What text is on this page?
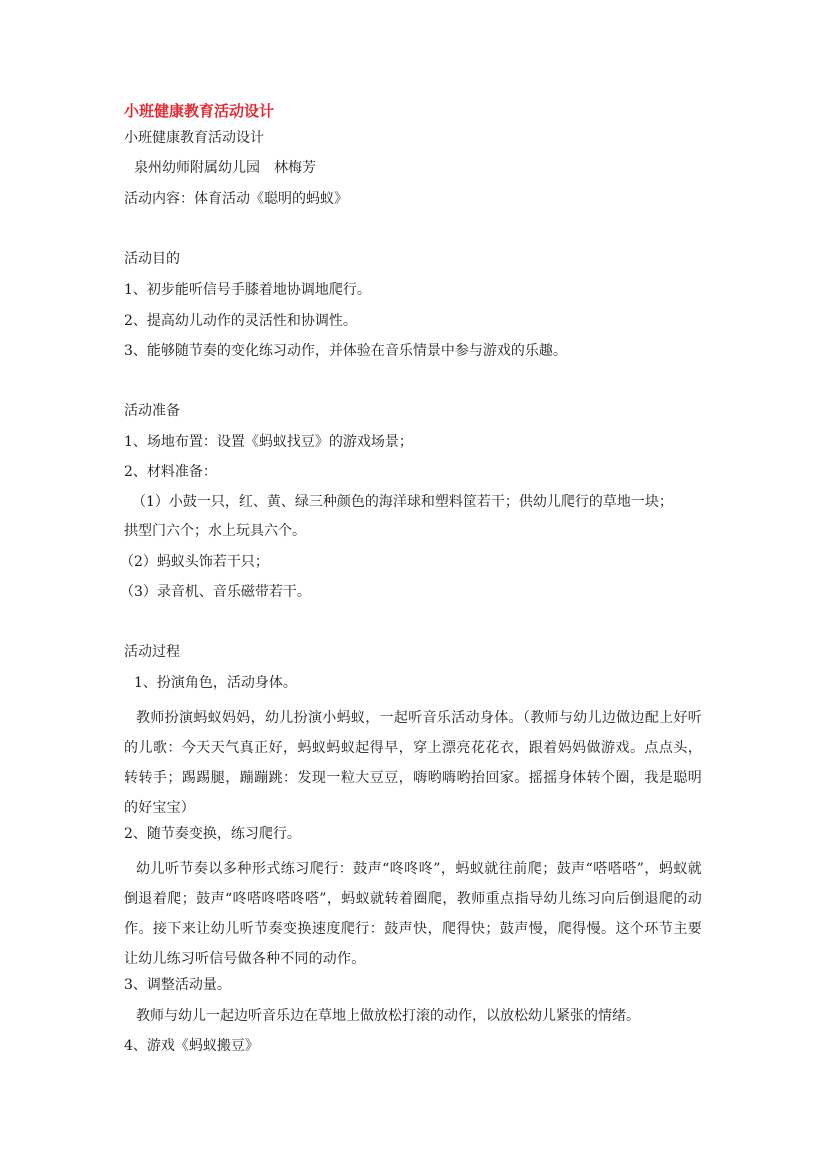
小班健康教育活动设计
小班健康教育活动设计
泉州幼师附属幼儿园　林梅芳
活动内容：体育活动《聪明的蚂蚁》
活动目的
1、初步能听信号手膝着地协调地爬行。
2、提高幼儿动作的灵活性和协调性。
3、能够随节奏的变化练习动作，并体验在音乐情景中参与游戏的乐趣。
活动准备
1、场地布置：设置《蚂蚁找豆》的游戏场景；
2、材料准备：
（1）小鼓一只，红、黄、绿三种颜色的海洋球和塑料筐若干；供幼儿爬行的草地一块；
拱型门六个；水上玩具六个。
（2）蚂蚁头饰若干只；
（3）录音机、音乐磁带若干。
活动过程
1、扮演角色，活动身体。
教师扮演蚂蚁妈妈，幼儿扮演小蚂蚁，一起听音乐活动身体。（教师与幼儿边做边配上好听的儿歌：今天天气真正好，蚂蚁蚂蚁起得早，穿上漂亮花花衣，跟着妈妈做游戏。点点头，转转手；踢踢腿，蹦蹦跳：发现一粒大豆豆，嗨哟嗨哟抬回家。摇摇身体转个圈，我是聪明的好宝宝）
2、随节奏变换，练习爬行。
幼儿听节奏以多种形式练习爬行：鼓声“咚咚咚”，蚂蚁就往前爬；鼓声“嗒嗒嗒”，蚂蚁就倒退着爬；鼓声“咚嗒咚嗒咚嗒”，蚂蚁就转着圈爬，教师重点指导幼儿练习向后倒退爬的动作。接下来让幼儿听节奏变换速度爬行：鼓声快，爬得快；鼓声慢，爬得慢。这个环节主要让幼儿练习听信号做各种不同的动作。
3、调整活动量。
教师与幼儿一起边听音乐边在草地上做放松打滚的动作，以放松幼儿紧张的情绪。
4、游戏《蚂蚁搬豆》
